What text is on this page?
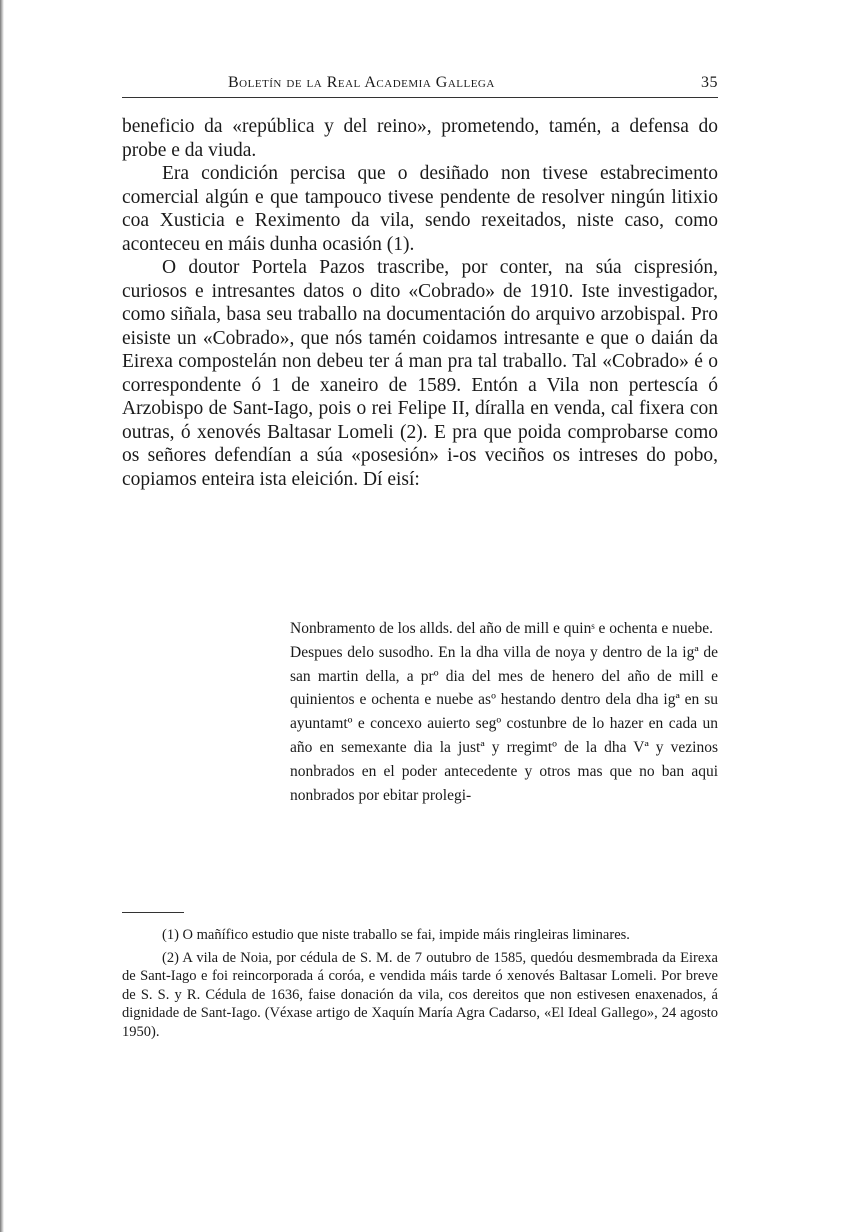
Boletín de la Real Academia Gallega	35

beneficio da «república y del reino», prometendo, tamén, a defensa do probe e da viuda.

Era condición percisa que o desiñado non tivese estabrecimento comercial algún e que tampouco tivese pendente de resolver ningún litixio coa Xusticia e Reximento da vila, sendo rexeitados, niste caso, como aconteceu en máis dunha ocasión (1).

O doutor Portela Pazos trascribe, por conter, na súa cispresión, curiosos e intresantes datos o dito «Cobrado» de 1910. Iste investigador, como siñala, basa seu traballo na documentación do arquivo arzobispal. Pro eisiste un «Cobrado», que nós tamén coidamos intresante e que o daián da Eirexa compostelán non debeu ter á man pra tal traballo. Tal «Cobrado» é o correspondente ó 1 de xaneiro de 1589. Entón a Vila non pertescía ó Arzobispo de Sant-Iago, pois o rei Felipe II, díralla en venda, cal fixera con outras, ó xenovés Baltasar Lomeli (2). E pra que poida comprobarse como os señores defendían a súa «posesión» i-os veciños os intreses do pobo, copiamos enteira ista eleición. Dí eisí:

Nonbramento de los allds. del año de mill e quinˢ e ochenta e nuebe.

Despues delo susodho. En la dha villa de noya y dentro de la igª de san martin della, a prº dia del mes de henero del año de mill e quinientos e ochenta e nuebe asº hestando dentro dela dha igª en su ayuntamtº e concexo auierto segº costunbre de lo hazer en cada un año en semexante dia la justª y rregimtº de la dha Vª y vezinos nonbrados en el poder antecedente y otros mas que no ban aqui nonbrados por ebitar prolegi-

(1) O mañífico estudio que niste traballo se fai, impide máis ringleiras liminares.

(2) A vila de Noia, por cédula de S. M. de 7 outubro de 1585, quedóu desmembrada da Eirexa de Sant-Iago e foi reincorporada á coróa, e vendida máis tarde ó xenovés Baltasar Lomeli. Por breve de S. S. y R. Cédula de 1636, faise donación da vila, cos dereitos que non estivesen enaxenados, á dignidade de Sant-Iago. (Véxase artigo de Xaquín María Agra Cadarso, «El Ideal Gallego», 24 agosto 1950).
